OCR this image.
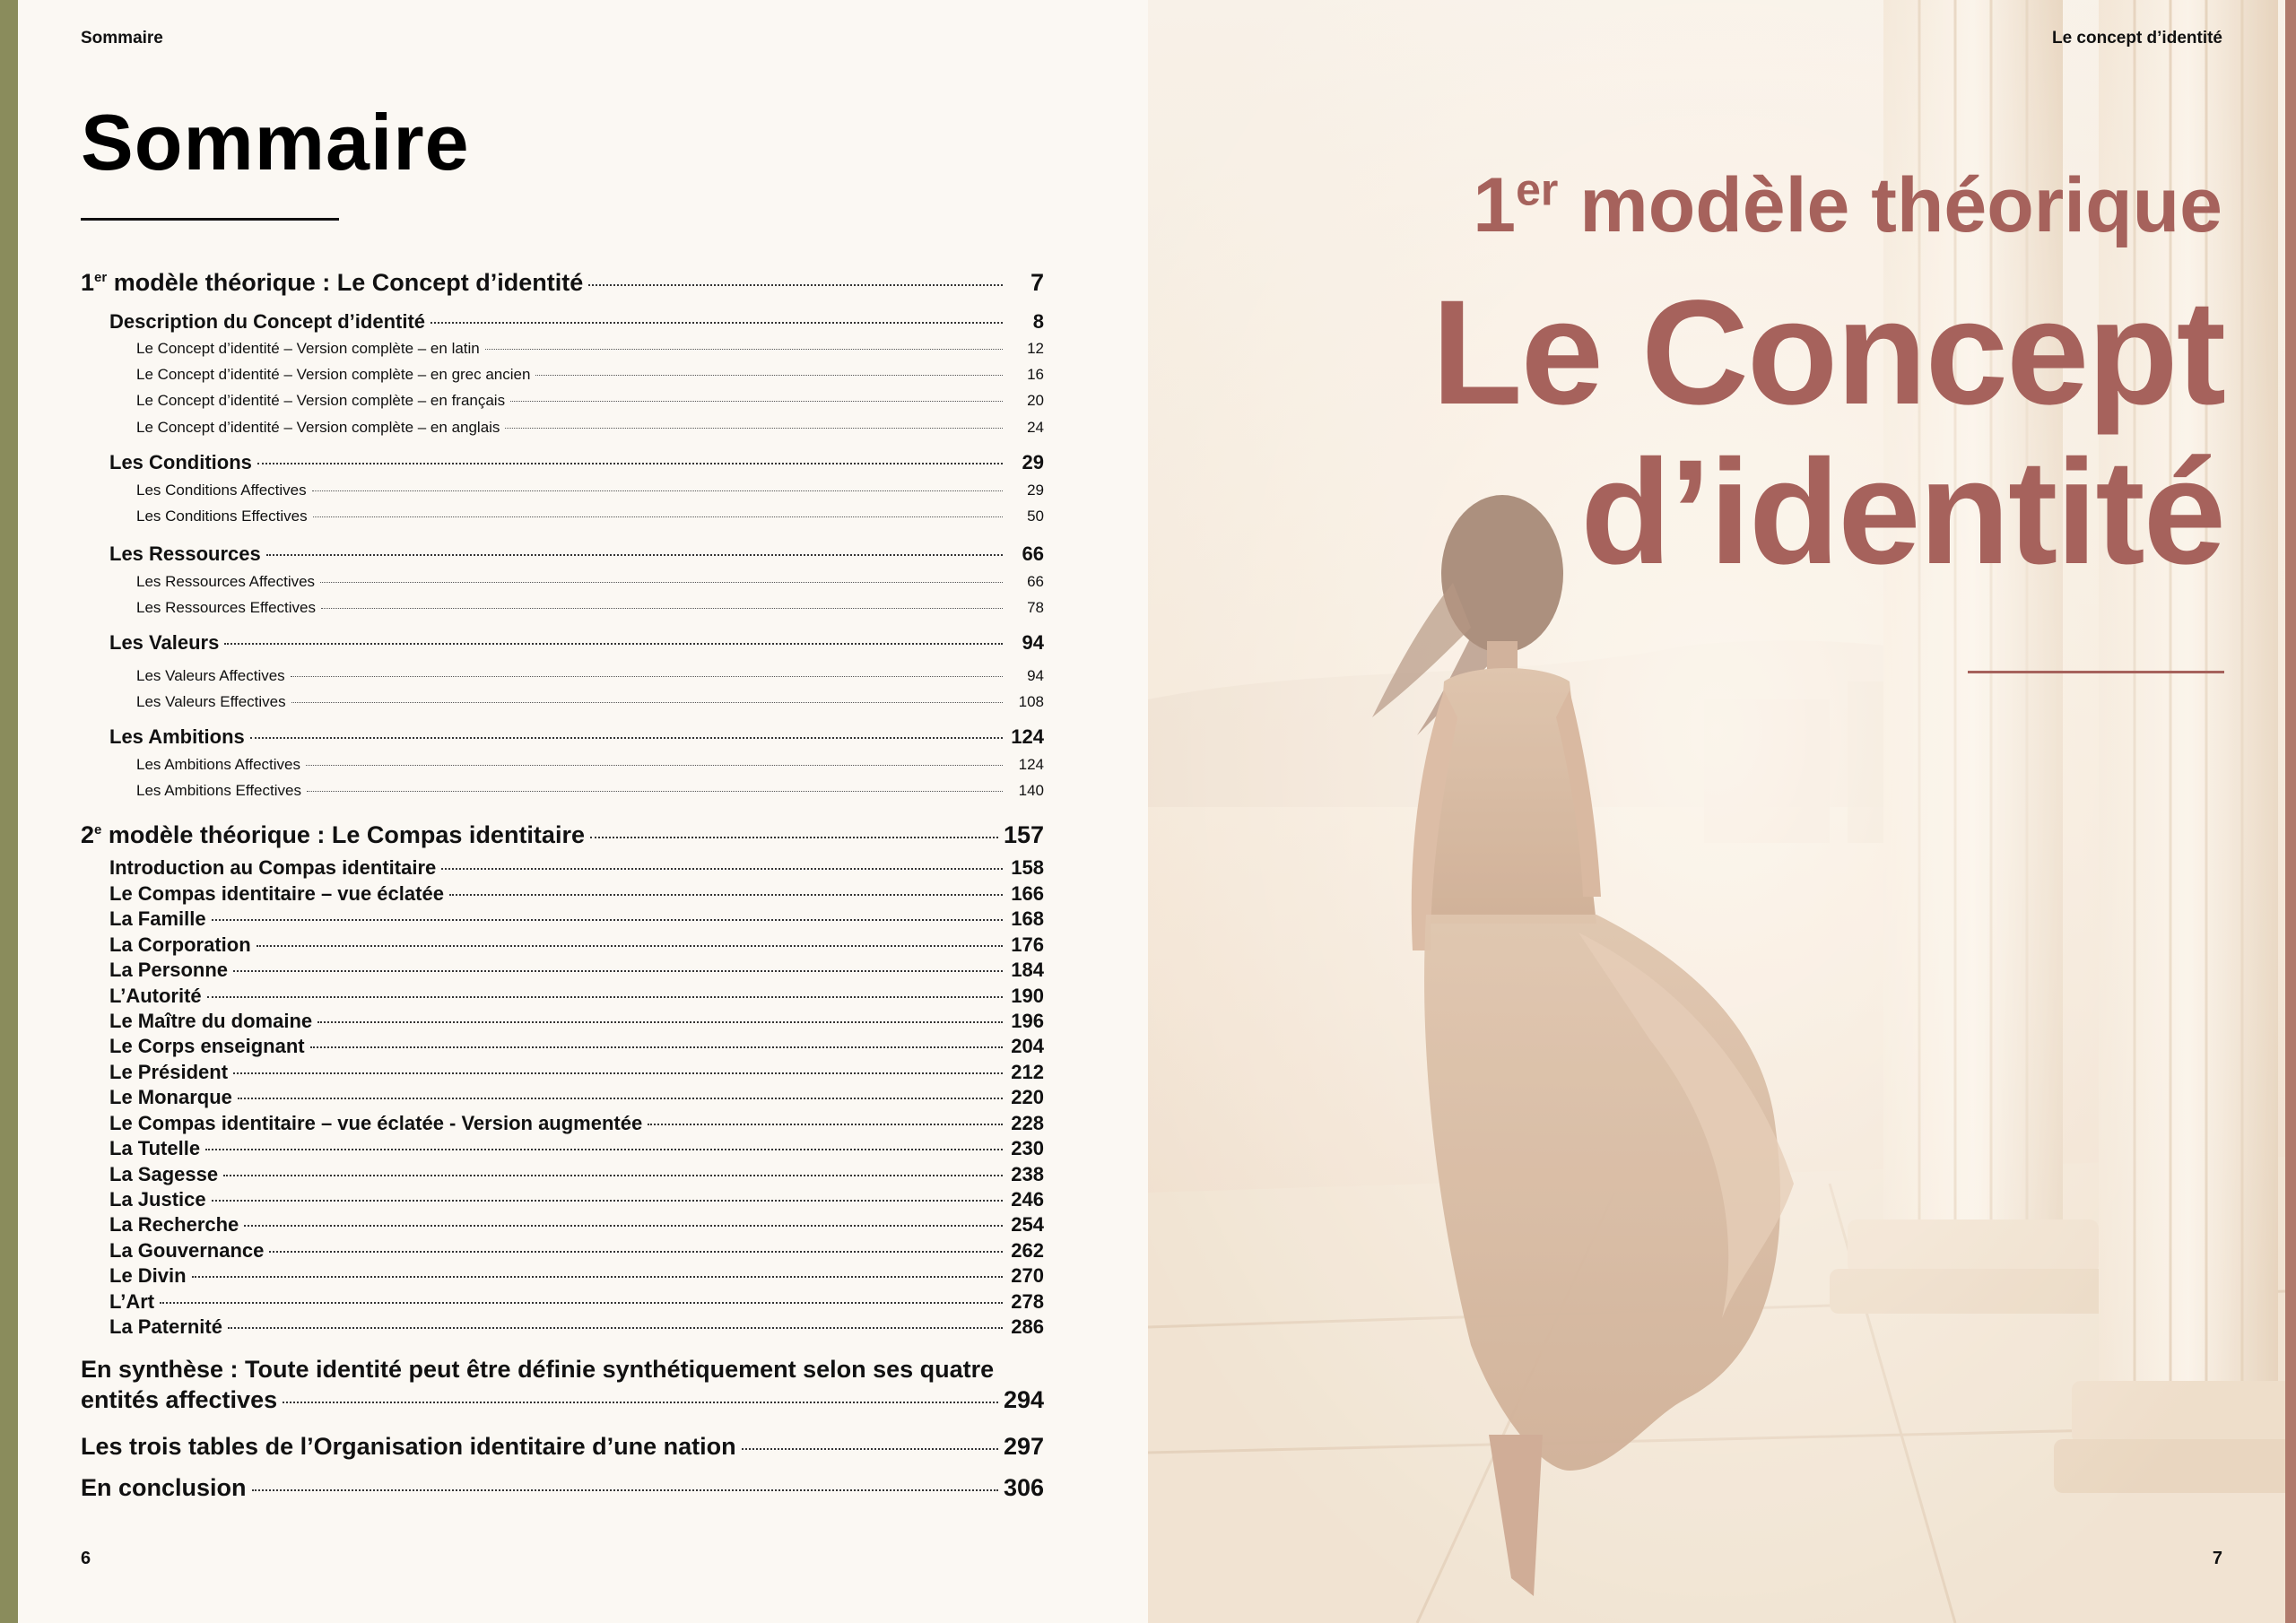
Sommaire
Sommaire
1er modèle théorique : Le Concept d’identité	7
Description du Concept d’identité	8
Le Concept d’identité – Version complète – en latin	12
Le Concept d’identité – Version complète – en grec ancien	16
Le Concept d’identité – Version complète – en français	20
Le Concept d’identité – Version complète – en anglais	24
Les Conditions	29
Les Conditions Affectives	29
Les Conditions Effectives	50
Les Ressources	66
Les Ressources Affectives	66
Les Ressources Effectives	78
Les Valeurs	94
Les Valeurs Affectives	94
Les Valeurs Effectives	108
Les Ambitions	124
Les Ambitions Affectives	124
Les Ambitions Effectives	140
2e modèle théorique : Le Compas identitaire	157
Introduction au Compas identitaire	158
Le Compas identitaire – vue éclatée	166
La Famille	168
La Corporation	176
La Personne	184
L’Autorité	190
Le Maître du domaine	196
Le Corps enseignant	204
Le Président	212
Le Monarque	220
Le Compas identitaire – vue éclatée - Version augmentée	228
La Tutelle	230
La Sagesse	238
La Justice	246
La Recherche	254
La Gouvernance	262
Le Divin	270
L’Art	278
La Paternité	286
En synthèse : Toute identité peut être définie synthétiquement selon ses quatre
entités affectives	294
Les trois tables de l’Organisation identitaire d’une nation	297
En conclusion	306
6
Le concept d’identité
1er modèle théorique
Le Concept
d’identité
7
